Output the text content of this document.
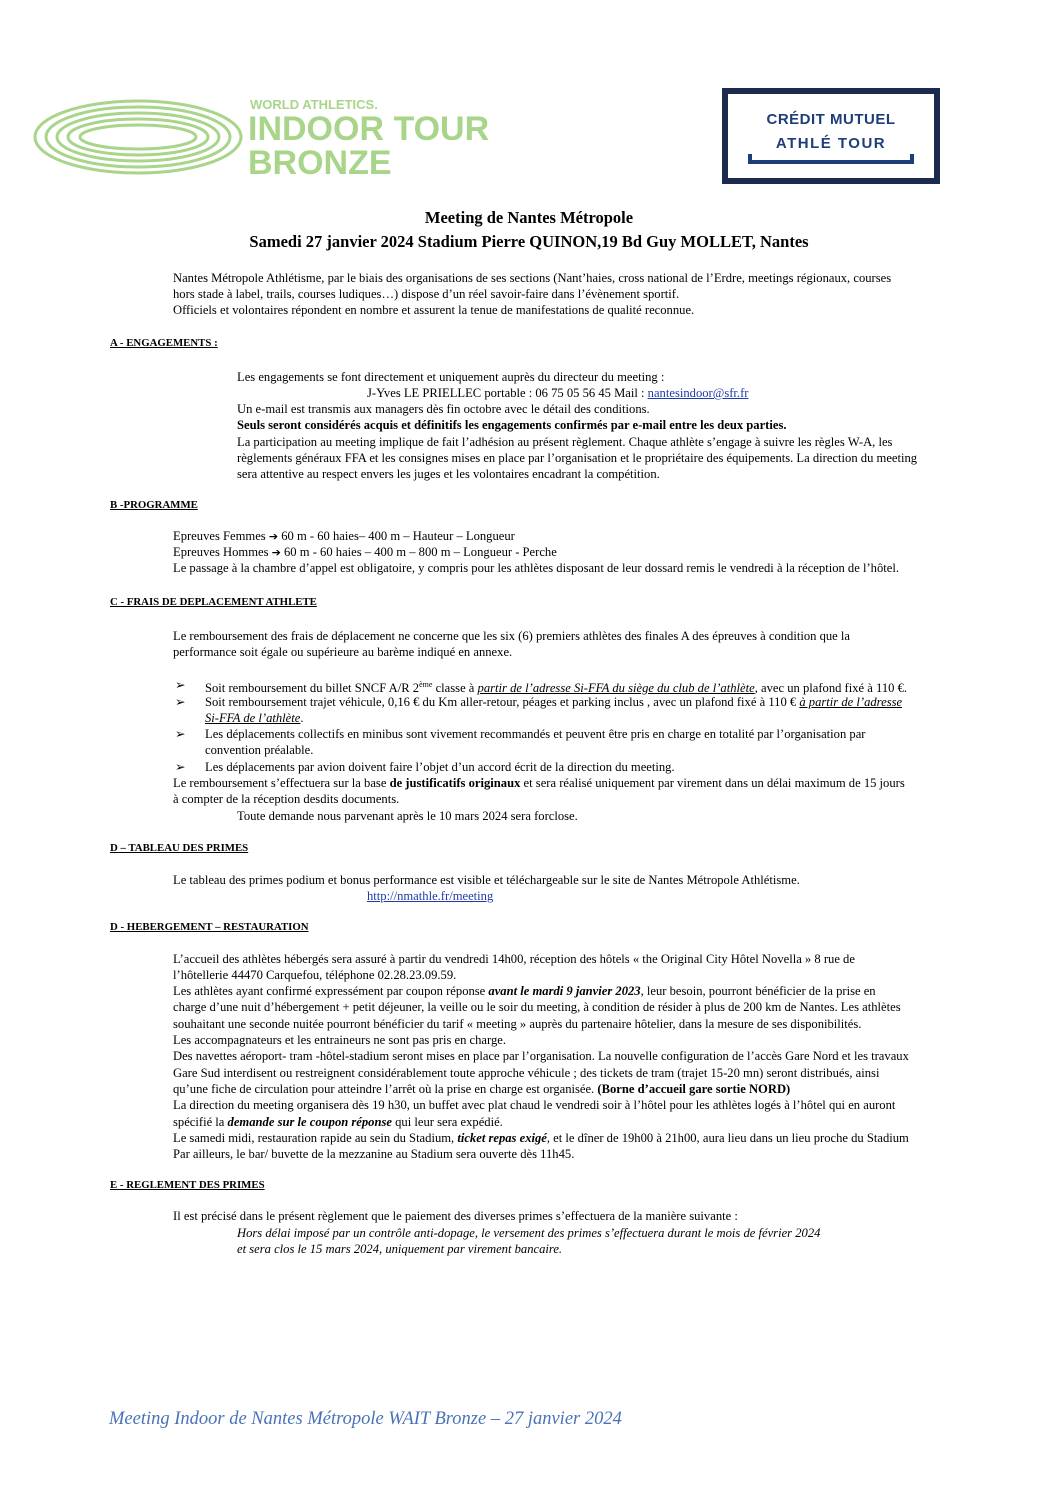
WORLD ATHLETICS.
INDOOR TOUR
BRONZE
CRÉDIT MUTUEL
ATHLÉ TOUR
Meeting de Nantes Métropole
Samedi 27 janvier 2024 Stadium Pierre QUINON,19 Bd Guy MOLLET, Nantes
Nantes Métropole Athlétisme, par le biais des organisations de ses sections (Nant’haies, cross national de l’Erdre, meetings régionaux, courses
hors stade à label, trails, courses ludiques…) dispose d’un réel savoir-faire dans l’évènement sportif.
Officiels et volontaires répondent en nombre et assurent la tenue de manifestations de qualité reconnue.
A - ENGAGEMENTS :
Les engagements se font directement et uniquement auprès du directeur du meeting :
J-Yves LE PRIELLEC portable : 06 75 05 56 45 Mail : nantesindoor@sfr.fr
Un e-mail est transmis aux managers dès fin octobre avec le détail des conditions.
Seuls seront considérés acquis et définitifs les engagements confirmés par e-mail entre les deux parties.
La participation au meeting implique de fait l’adhésion au présent règlement. Chaque athlète s’engage à suivre les règles W-A, les
règlements généraux FFA et les consignes mises en place par l’organisation et le propriétaire des équipements. La direction du meeting
sera attentive au respect envers les juges et les volontaires encadrant la compétition.
B -PROGRAMME
Epreuves Femmes ➔ 60 m - 60 haies– 400 m – Hauteur – Longueur
Epreuves Hommes ➔ 60 m - 60 haies – 400 m – 800 m – Longueur - Perche
Le passage à la chambre d’appel est obligatoire, y compris pour les athlètes disposant de leur dossard remis le vendredi à la réception de l’hôtel.
C - FRAIS DE DEPLACEMENT ATHLETE
Le remboursement des frais de déplacement ne concerne que les six (6) premiers athlètes des finales A des épreuves à condition que la
performance soit égale ou supérieure au barème indiqué en annexe.
➢ Soit remboursement du billet SNCF A/R 2ème classe à partir de l’adresse Si-FFA du siège du club de l’athlète, avec un plafond fixé à 110 €.
➢ Soit remboursement trajet véhicule, 0,16 € du Km aller-retour, péages et parking inclus , avec un plafond fixé à 110 € à partir de l’adresse
Si-FFA de l’athlète.
➢ Les déplacements collectifs en minibus sont vivement recommandés et peuvent être pris en charge en totalité par l’organisation par
convention préalable.
➢ Les déplacements par avion doivent faire l’objet d’un accord écrit de la direction du meeting.
Le remboursement s’effectuera sur la base de justificatifs originaux et sera réalisé uniquement par virement dans un délai maximum de 15 jours
à compter de la réception desdits documents.
Toute demande nous parvenant après le 10 mars 2024 sera forclose.
D – TABLEAU DES PRIMES
Le tableau des primes podium et bonus performance est visible et téléchargeable sur le site de Nantes Métropole Athlétisme.
http://nmathle.fr/meeting
D - HEBERGEMENT – RESTAURATION
L’accueil des athlètes hébergés sera assuré à partir du vendredi 14h00, réception des hôtels « the Original City Hôtel Novella » 8 rue de
l’hôtellerie 44470 Carquefou, téléphone 02.28.23.09.59.
Les athlètes ayant confirmé expressément par coupon réponse avant le mardi 9 janvier 2023, leur besoin, pourront bénéficier de la prise en
charge d’une nuit d’hébergement + petit déjeuner, la veille ou le soir du meeting, à condition de résider à plus de 200 km de Nantes. Les athlètes
souhaitant une seconde nuitée pourront bénéficier du tarif « meeting » auprès du partenaire hôtelier, dans la mesure de ses disponibilités.
Les accompagnateurs et les entraineurs ne sont pas pris en charge.
Des navettes aéroport- tram -hôtel-stadium seront mises en place par l’organisation. La nouvelle configuration de l’accès Gare Nord et les travaux
Gare Sud interdisent ou restreignent considérablement toute approche véhicule ; des tickets de tram (trajet 15-20 mn) seront distribués, ainsi
qu’une fiche de circulation pour atteindre l’arrêt où la prise en charge est organisée. (Borne d’accueil gare sortie NORD)
La direction du meeting organisera dès 19 h30, un buffet avec plat chaud le vendredi soir à l’hôtel pour les athlètes logés à l’hôtel qui en auront
spécifié la demande sur le coupon réponse qui leur sera expédié.
Le samedi midi, restauration rapide au sein du Stadium, ticket repas exigé, et le dîner de 19h00 à 21h00, aura lieu dans un lieu proche du Stadium
Par ailleurs, le bar/ buvette de la mezzanine au Stadium sera ouverte dès 11h45.
E - REGLEMENT DES PRIMES
Il est précisé dans le présent règlement que le paiement des diverses primes s’effectuera de la manière suivante :
Hors délai imposé par un contrôle anti-dopage, le versement des primes s’effectuera durant le mois de février 2024
et sera clos le 15 mars 2024, uniquement par virement bancaire.
Meeting Indoor de Nantes Métropole WAIT Bronze – 27 janvier 2024
